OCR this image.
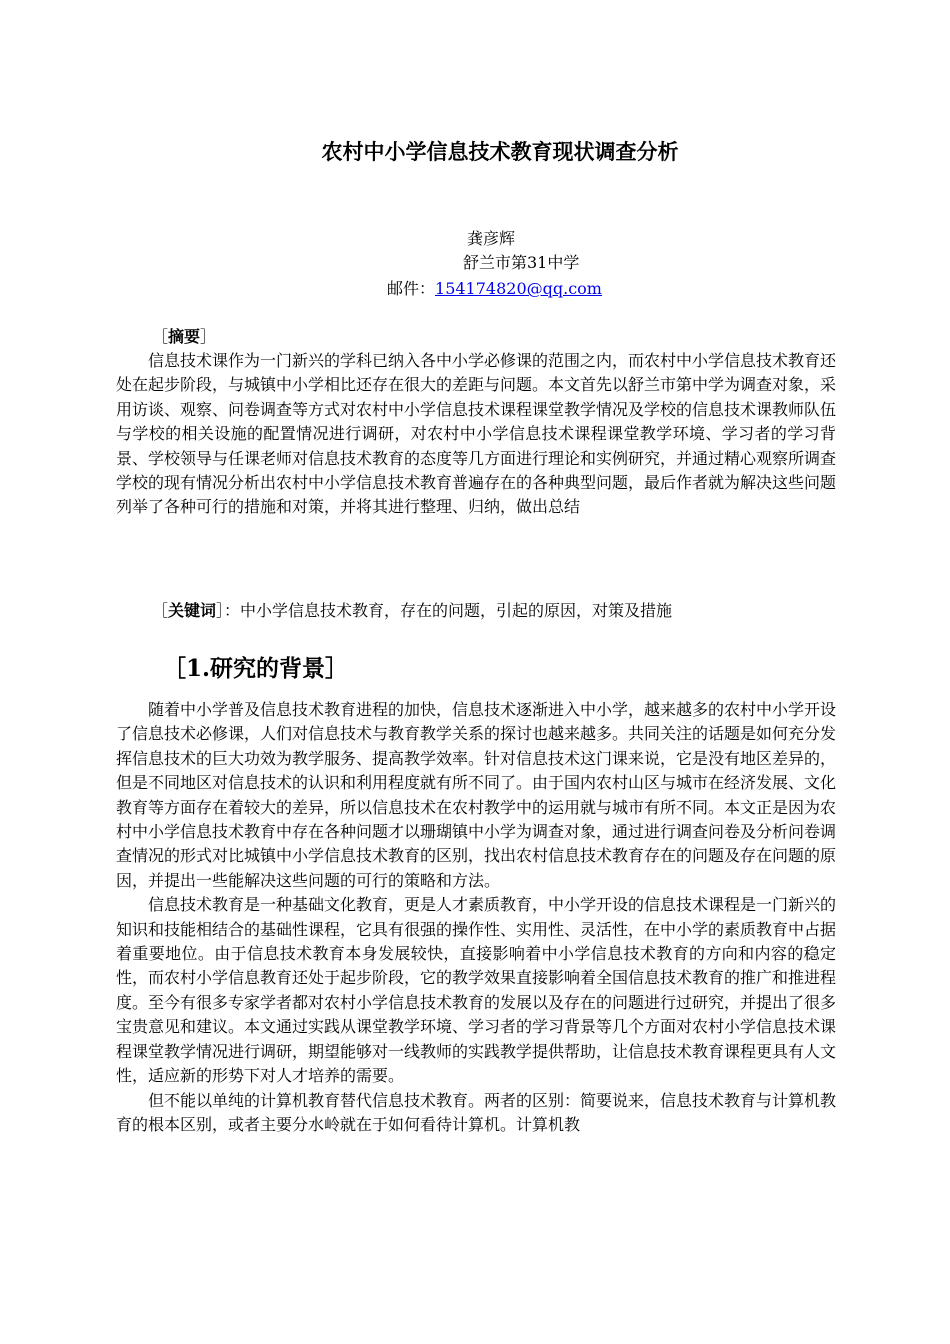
农村中小学信息技术教育现状调查分析
龚彦辉
舒兰市第31中学
邮件：154174820@qq.com
［摘要］

信息技术课作为一门新兴的学科已纳入各中小学必修课的范围之内，而农村中小学信息技术教育还处在起步阶段，与城镇中小学相比还存在很大的差距与问题。本文首先以舒兰市第中学为调查对象，采用访谈、观察、问卷调查等方式对农村中小学信息技术课程课堂教学情况及学校的信息技术课教师队伍与学校的相关设施的配置情况进行调研，对农村中小学信息技术课程课堂教学环境、学习者的学习背景、学校领导与任课老师对信息技术教育的态度等几方面进行理论和实例研究，并通过精心观察所调查学校的现有情况分析出农村中小学信息技术教育普遍存在的各种典型问题，最后作者就为解决这些问题列举了各种可行的措施和对策，并将其进行整理、归纳，做出总结

［关键词］：中小学信息技术教育，存在的问题，引起的原因，对策及措施
［1.研究的背景］

随着中小学普及信息技术教育进程的加快，信息技术逐渐进入中小学，越来越多的农村中小学开设了信息技术必修课，人们对信息技术与教育教学关系的探讨也越来越多。共同关注的话题是如何充分发挥信息技术的巨大功效为教学服务、提高教学效率。针对信息技术这门课来说，它是没有地区差异的，但是不同地区对信息技术的认识和利用程度就有所不同了。由于国内农村山区与城市在经济发展、文化教育等方面存在着较大的差异，所以信息技术在农村教学中的运用就与城市有所不同。本文正是因为农村中小学信息技术教育中存在各种问题才以珊瑚镇中小学为调查对象，通过进行调查问卷及分析问卷调查情况的形式对比城镇中小学信息技术教育的区别，找出农村信息技术教育存在的问题及存在问题的原因，并提出一些能解决这些问题的可行的策略和方法。

信息技术教育是一种基础文化教育，更是人才素质教育，中小学开设的信息技术课程是一门新兴的知识和技能相结合的基础性课程，它具有很强的操作性、实用性、灵活性，在中小学的素质教育中占据着重要地位。由于信息技术教育本身发展较快，直接影响着中小学信息技术教育的方向和内容的稳定性，而农村小学信息教育还处于起步阶段，它的教学效果直接影响着全国信息技术教育的推广和推进程度。至今有很多专家学者都对农村小学信息技术教育的发展以及存在的问题进行过研究，并提出了很多宝贵意见和建议。本文通过实践从课堂教学环境、学习者的学习背景等几个方面对农村小学信息技术课程课堂教学情况进行调研，期望能够对一线教师的实践教学提供帮助，让信息技术教育课程更具有人文性，适应新的形势下对人才培养的需要。

但不能以单纯的计算机教育替代信息技术教育。两者的区别：简要说来，信息技术教育与计算机教育的根本区别，或者主要分水岭就在于如何看待计算机。计算机教
